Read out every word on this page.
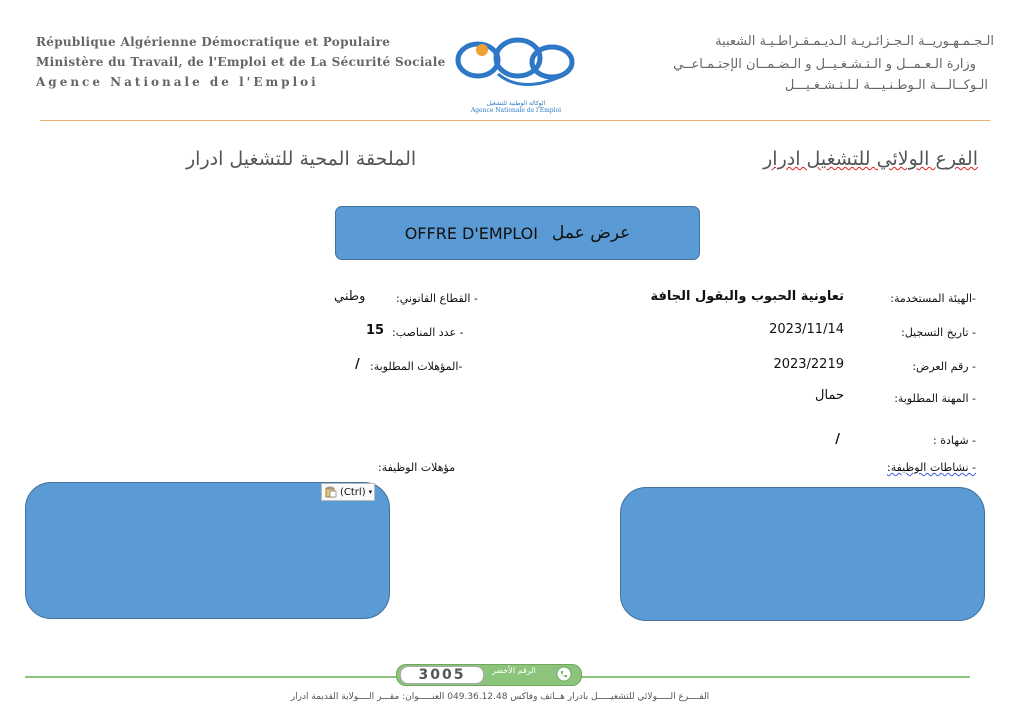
République Algérienne Démocratique et Populaire
Ministère du Travail, de l'Emploi et de La Sécurité Sociale
Agence Nationale de l'Emploi
الوكالة الوطنية للتشغيل
Agence Nationale de l'Emploi
الـجـمـهـوريــة الـجـزائـريـة الـديـمـقـراطـيـة الشعبية
وزارة الـعـمــل و الـتـشـغـيــل و الـضـمــان الإجتـمـاعــي
الـوكــالـــة الـوطـنـيـــة لـلـتـشـغـيـــل
الفرع الولائي للتشغيل ادرار
الملحقة المحية للتشغيل ادرار
OFFRE D'EMPLOI عرض عمل
-الهيئة المستخدمة:
تعاونية الحبوب والبقول الجافة
- تاريخ التسجيل:
2023/11/14
- رقم العرض:
2023/2219
- المهنة المطلوبة:
حمال
- شهادة :
/
- نشاطات الوظيفة:
- القطاع القانوني:
وطني
- عدد المناصب:
15
-المؤهلات المطلوبة:
/
مؤهلات الوظيفة:
(Ctrl) ▾
3005	الرقم الأخضر
الفــــرع الـــــولائي للتشغيـــــل بادرار هــاتف وفاكس 049.36.12.48 العنـــــوان: مقـــر الــــولاية القديمة ادرار
